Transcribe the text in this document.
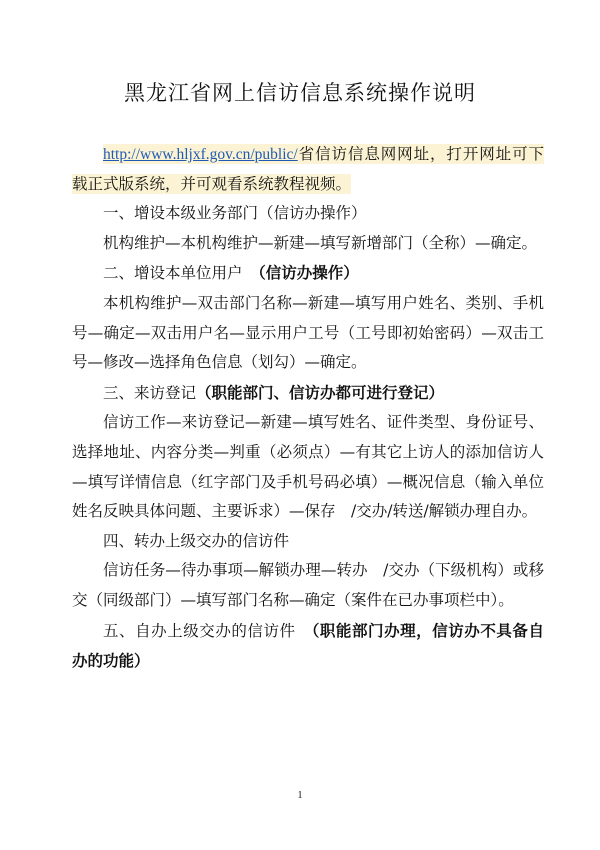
黑龙江省网上信访信息系统操作说明

http://www.hljxf.gov.cn/public/省信访信息网网址，打开网址可下载正式版系统，并可观看系统教程视频。

一、增设本级业务部门（信访办操作）

机构维护—本机构维护—新建—填写新增部门（全称）—确定。

二、增设本单位用户　（信访办操作）

本机构维护—双击部门名称—新建—填写用户姓名、类别、手机号—确定—双击用户名—显示用户工号（工号即初始密码）—双击工号—修改—选择角色信息（划勾）—确定。

三、来访登记（职能部门、信访办都可进行登记）

信访工作—来访登记—新建—填写姓名、证件类型、身份证号、选择地址、内容分类—判重（必须点）—有其它上访人的添加信访人—填写详情信息（红字部门及手机号码必填）—概况信息（输入单位姓名反映具体问题、主要诉求）—保存　/交办/转送/解锁办理自办。

四、转办上级交办的信访件

信访任务—待办事项—解锁办理—转办　/交办（下级机构）或移交（同级部门）—填写部门名称—确定（案件在已办事项栏中）。

五、自办上级交办的信访件　（职能部门办理，信访办不具备自办的功能）

1
